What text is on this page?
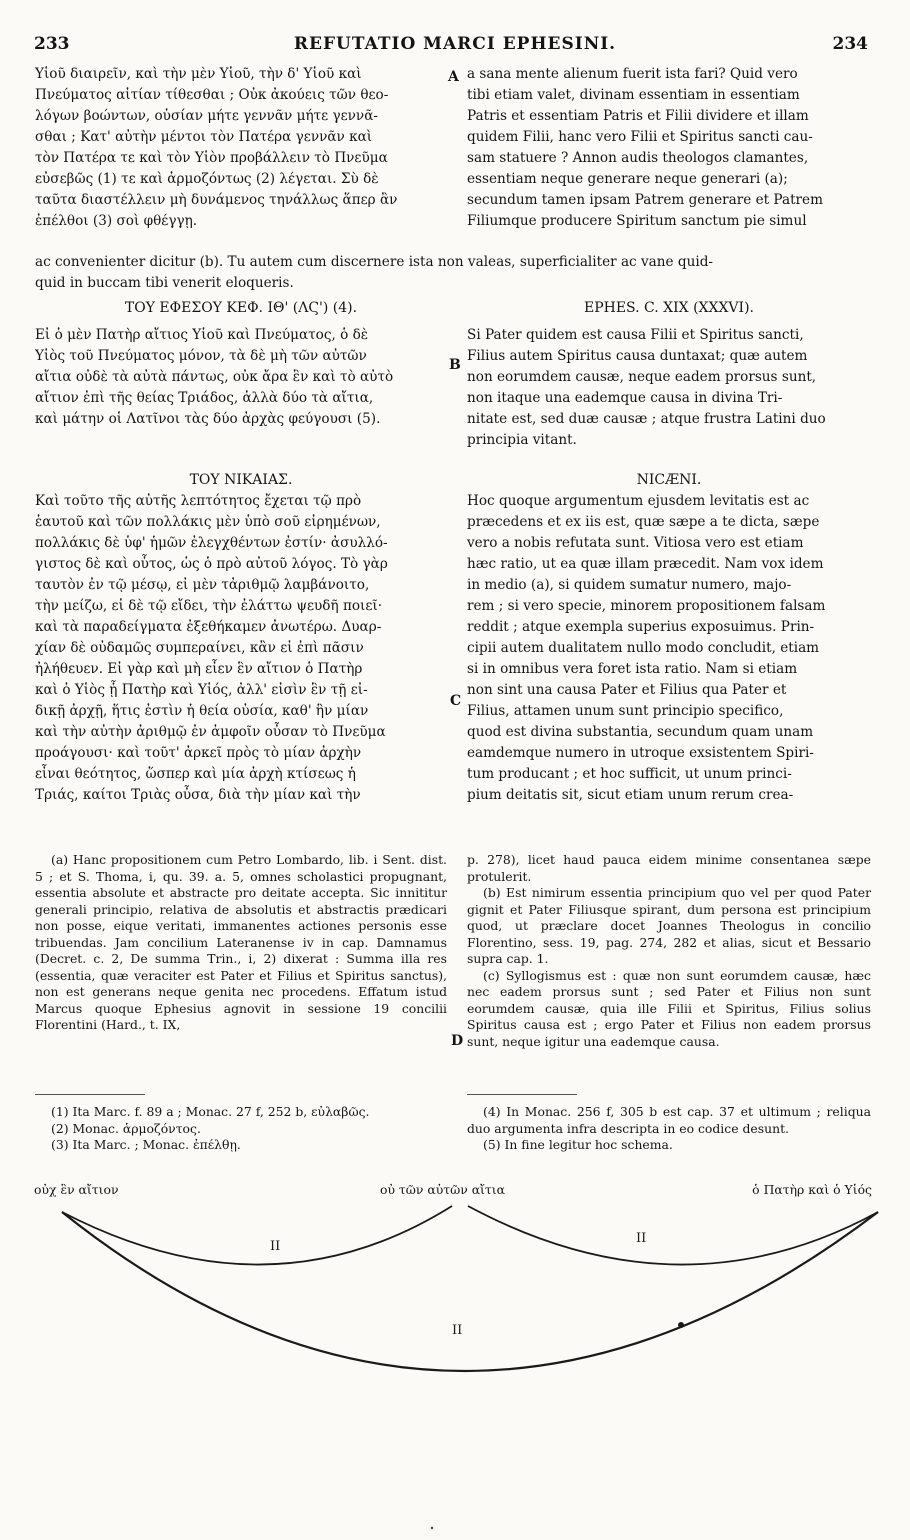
233	REFUTATIO MARCI EPHESINI.	234
A
B
C
D

Υἱοῦ διαιρεῖν, καὶ τὴν μὲν Υἱοῦ, τὴν δ' Υἱοῦ καὶ

Πνεύματος αἰτίαν τίθεσθαι ; Οὐκ ἀκούεις τῶν θεο-

λόγων βοώντων, οὐσίαν μήτε γεννᾶν μήτε γεννᾶ-

σθαι ; Κατ' αὐτὴν μέντοι τὸν Πατέρα γεννᾶν καὶ

τὸν Πατέρα τε καὶ τὸν Υἱὸν προβάλλειν τὸ Πνεῦμα

εὐσεβῶς (1) τε καὶ ἁρμοζόντως (2) λέγεται. Σὺ δὲ

ταῦτα διαστέλλειν μὴ δυνάμενος τηνάλλως ἅπερ ἂν

ἐπέλθοι (3) σοὶ φθέγγῃ.

a sana mente alienum fuerit ista fari? Quid vero

tibi etiam valet, divinam essentiam in essentiam

Patris et essentiam Patris et Filii dividere et illam

quidem Filii, hanc vero Filii et Spiritus sancti cau-

sam statuere ? Annon audis theologos clamantes,

essentiam neque generare neque generari (a);

secundum tamen ipsam Patrem generare et Patrem

Filiumque producere Spiritum sanctum pie simul

ac convenienter dicitur (b). Tu autem cum discernere ista non valeas, superficialiter ac vane quid-

quid in buccam tibi venerit eloqueris.

ΤΟΥ ΕΦΕΣΟΥ ΚΕΦ. ΙΘ' (ΛϚ') (4).

Εἰ ὁ μὲν Πατὴρ αἴτιος Υἱοῦ καὶ Πνεύματος, ὁ δὲ

Υἱὸς τοῦ Πνεύματος μόνον, τὰ δὲ μὴ τῶν αὐτῶν

αἴτια οὐδὲ τὰ αὐτὰ πάντως, οὐκ ἄρα ἓν καὶ τὸ αὐτὸ

αἴτιον ἐπὶ τῆς θείας Τριάδος, ἀλλὰ δύο τὰ αἴτια,

καὶ μάτην οἱ Λατῖνοι τὰς δύο ἀρχὰς φεύγουσι (5).

EPHES. C. XIX (XXXVI).

Si Pater quidem est causa Filii et Spiritus sancti,

Filius autem Spiritus causa duntaxat; quæ autem

non eorumdem causæ, neque eadem prorsus sunt,

non itaque una eademque causa in divina Tri-

nitate est, sed duæ causæ ; atque frustra Latini duo

principia vitant.

ΤΟΥ ΝΙΚΑΙΑΣ.

Καὶ τοῦτο τῆς αὐτῆς λεπτότητος ἔχεται τῷ πρὸ

ἑαυτοῦ καὶ τῶν πολλάκις μὲν ὑπὸ σοῦ εἰρημένων,

πολλάκις δὲ ὑφ' ἡμῶν ἐλεγχθέντων ἐστίν· ἀσυλλό-

γιστος δὲ καὶ οὗτος, ὡς ὁ πρὸ αὐτοῦ λόγος. Τὸ γὰρ

ταυτὸν ἐν τῷ μέσῳ, εἰ μὲν τἀριθμῷ λαμβάνοιτο,

τὴν μείζω, εἰ δὲ τῷ εἴδει, τὴν ἐλάττω ψευδῆ ποιεῖ·

καὶ τὰ παραδείγματα ἐξεθήκαμεν ἀνωτέρω. Δυαρ-

χίαν δὲ οὐδαμῶς συμπεραίνει, κἂν εἰ ἐπὶ πᾶσιν

ἠλήθευεν. Εἰ γὰρ καὶ μὴ εἶεν ἓν αἴτιον ὁ Πατὴρ

καὶ ὁ Υἱὸς ᾗ Πατὴρ καὶ Υἱός, ἀλλ' εἰσὶν ἓν τῇ εἰ-

δικῇ ἀρχῇ, ἥτις ἐστὶν ἡ θεία οὐσία, καθ' ἣν μίαν

καὶ τὴν αὐτὴν ἀριθμῷ ἐν ἀμφοῖν οὖσαν τὸ Πνεῦμα

προάγουσι· καὶ τοῦτ' ἀρκεῖ πρὸς τὸ μίαν ἀρχὴν

εἶναι θεότητος, ὥσπερ καὶ μία ἀρχὴ κτίσεως ἡ

Τριάς, καίτοι Τριὰς οὖσα, διὰ τὴν μίαν καὶ τὴν

NICÆNI.

Hoc quoque argumentum ejusdem levitatis est ac

præcedens et ex iis est, quæ sæpe a te dicta, sæpe

vero a nobis refutata sunt. Vitiosa vero est etiam

hæc ratio, ut ea quæ illam præcedit. Nam vox idem

in medio (a), si quidem sumatur numero, majo-

rem ; si vero specie, minorem propositionem falsam

reddit ; atque exempla superius exposuimus. Prin-

cipii autem dualitatem nullo modo concludit, etiam

si in omnibus vera foret ista ratio. Nam si etiam

non sint una causa Pater et Filius qua Pater et

Filius, attamen unum sunt principio specifico,

quod est divina substantia, secundum quam unam

eamdemque numero in utroque exsistentem Spiri-

tum producant ; et hoc sufficit, ut unum princi-

pium deitatis sit, sicut etiam unum rerum crea-

(a) Hanc propositionem cum Petro Lombardo, lib. i Sent. dist. 5 ; et S. Thoma, i, qu. 39. a. 5, omnes scholastici propugnant, essentia absolute et abstracte pro deitate accepta. Sic innititur generali principio, relativa de absolutis et abstractis prædicari non posse, eique veritati, immanentes actiones personis esse tribuendas. Jam concilium Lateranense iv in cap. Damnamus (Decret. c. 2, De summa Trin., i, 2) dixerat : Summa illa res (essentia, quæ veraciter est Pater et Filius et Spiritus sanctus), non est generans neque genita nec procedens. Effatum istud Marcus quoque Ephesius agnovit in sessione 19 concilii Florentini (Hard., t. IX,

p. 278), licet haud pauca eidem minime consentanea sæpe protulerit.

(b) Est nimirum essentia principium quo vel per quod Pater gignit et Pater Filiusque spirant, dum persona est principium quod, ut præclare docet Joannes Theologus in concilio Florentino, sess. 19, pag. 274, 282 et alias, sicut et Bessario supra cap. 1.

(c) Syllogismus est : quæ non sunt eorumdem causæ, hæc nec eadem prorsus sunt ; sed Pater et Filius non sunt eorumdem causæ, quia ille Filii et Spiritus, Filius solius Spiritus causa est ; ergo Pater et Filius non eadem prorsus sunt, neque igitur una eademque causa.

(1) Ita Marc. f. 89 a ; Monac. 27 f, 252 b, εὐλαβῶς.

(2) Monac. ἁρμοζόντος.

(3) Ita Marc. ; Monac. ἐπέλθῃ.

(4) In Monac. 256 f, 305 b est cap. 37 et ultimum ; reliqua duo argumenta infra descripta in eo codice desunt.

(5) In fine legitur hoc schema.

οὐχ ἓν αἴτιον	οὐ τῶν αὐτῶν αἴτια	ὁ Πατὴρ καὶ ὁ Υἱός
II
II
II
